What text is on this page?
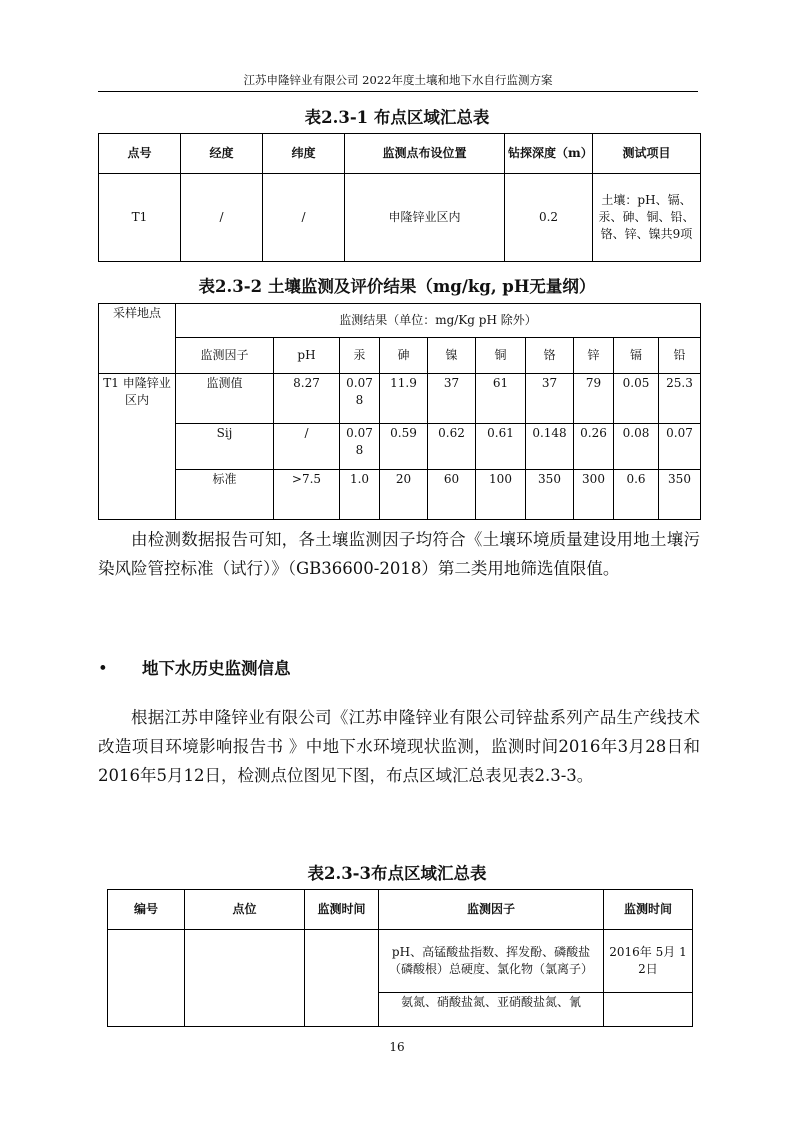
江苏申隆锌业有限公司 2022年度土壤和地下水自行监测方案
表2.3-1 布点区域汇总表
点号	经度	纬度	监测点布设位置	钻探深度（m）	测试项目
T1	/	/	申隆锌业区内	0.2	土壤：pH、镉、汞、砷、铜、铅、铬、锌、镍共9项
表2.3-2 土壤监测及评价结果（mg/kg, pH无量纲）
采样地点	监测结果（单位：mg/Kg pH 除外）									
	监测因子	pH	汞	砷	镍	铜	铬	锌	镉	铅
T1 申隆锌业区内	监测值	8.27	0.078	11.9	37	61	37	79	0.05	25.3
	Sij	/	0.078	0.59	0.62	0.61	0.148	0.26	0.08	0.07
	标准	>7.5	1.0	20	60	100	350	300	0.6	350
由检测数据报告可知，各土壤监测因子均符合《土壤环境质量建设用地土壤污染风险管控标准（试行）》（GB36600-2018）第二类用地筛选值限值。
• 地下水历史监测信息
根据江苏申隆锌业有限公司《江苏申隆锌业有限公司锌盐系列产品生产线技术改造项目环境影响报告书 》中地下水环境现状监测，监测时间2016年3月28日和2016年5月12日，检测点位图见下图，布点区域汇总表见表2.3-3。
表2.3-3布点区域汇总表
编号	点位	监测时间	监测因子	监测时间
			pH、高锰酸盐指数、挥发酚、磷酸盐（磷酸根）总硬度、氯化物（氯离子）	2016年 5月 12日
			氨氮、硝酸盐氮、亚硝酸盐氮、氰	
16
